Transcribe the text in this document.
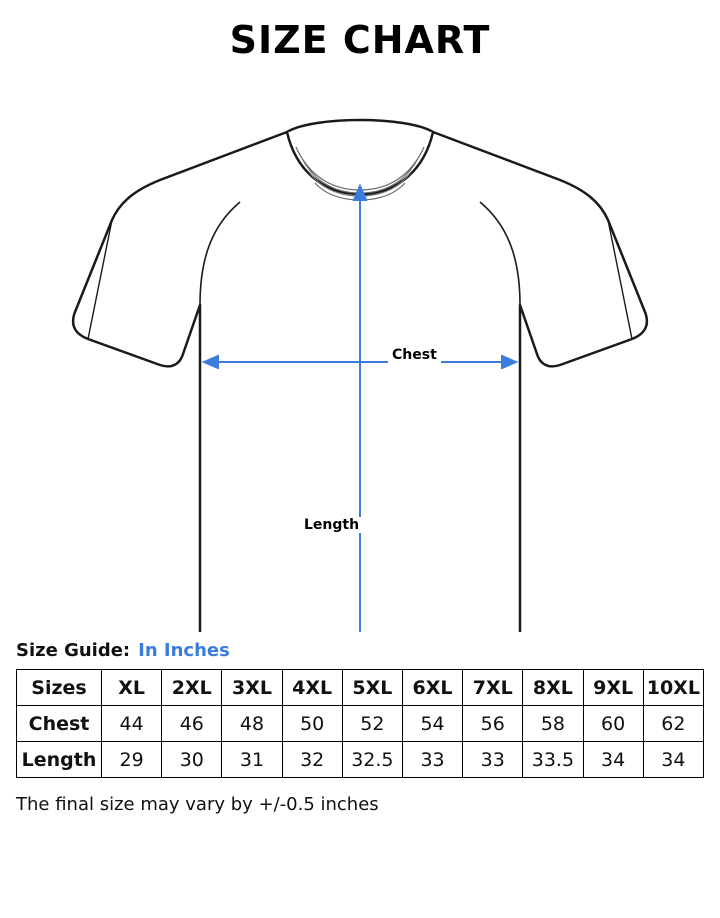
SIZE CHART
Chest
Length
Size Guide: In Inches
Sizes	XL	2XL	3XL	4XL	5XL	6XL	7XL	8XL	9XL	10XL
Chest	44	46	48	50	52	54	56	58	60	62
Length	29	30	31	32	32.5	33	33	33.5	34	34
The final size may vary by +/-0.5 inches
